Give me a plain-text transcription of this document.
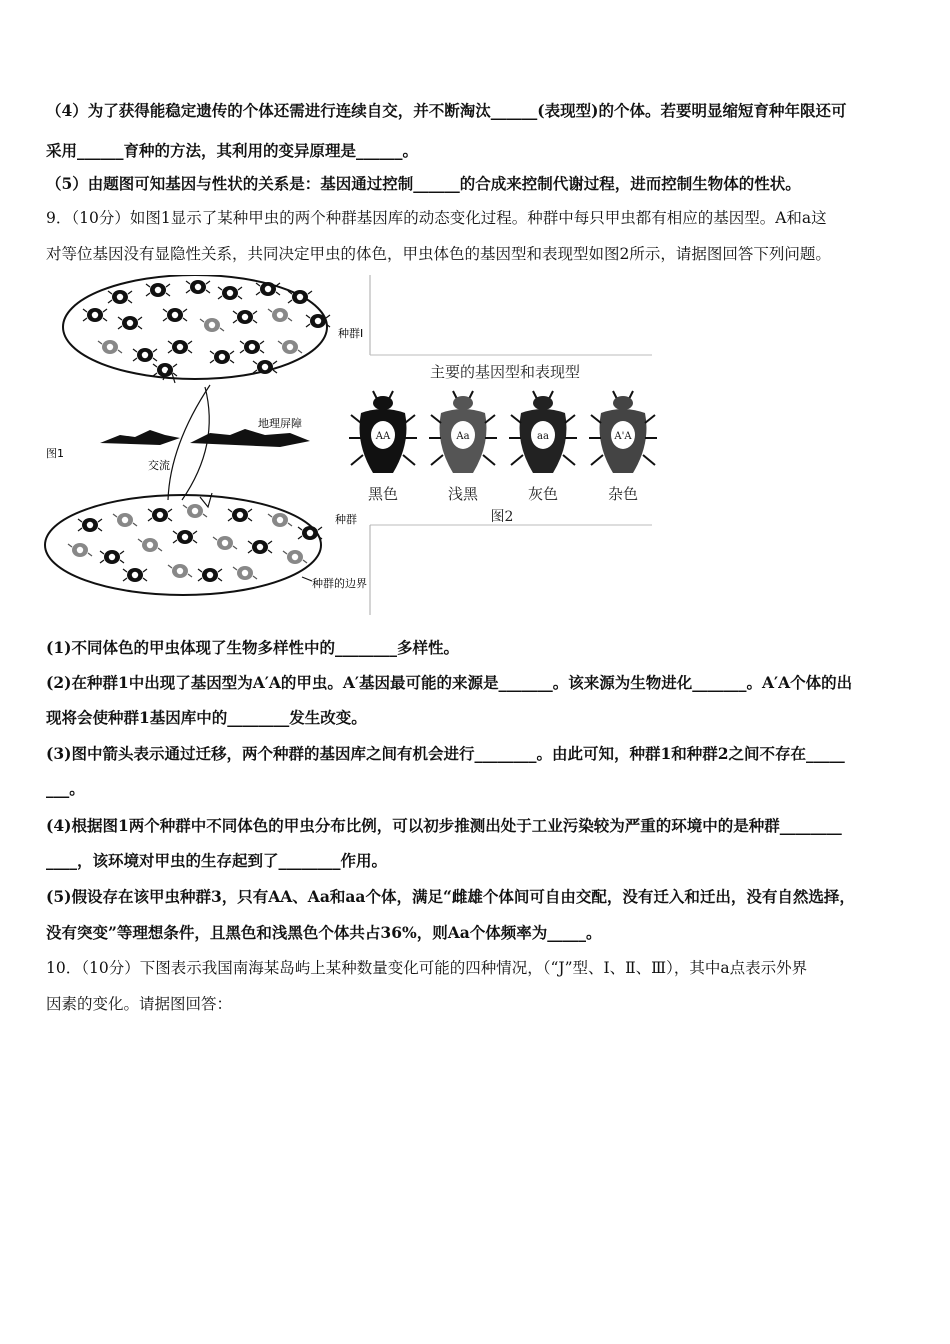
（4）为了获得能稳定遗传的个体还需进行连续自交，并不断淘汰______(表现型)的个体。若要明显缩短育种年限还可
采用______育种的方法，其利用的变异原理是______。
（5）由题图可知基因与性状的关系是：基因通过控制______的合成来控制代谢过程，进而控制生物体的性状。
9．（10分）如图1显示了某种甲虫的两个种群基因库的动态变化过程。种群中每只甲虫都有相应的基因型。A和a这
对等位基因没有显隐性关系，共同决定甲虫的体色，甲虫体色的基因型和表现型如图2所示，请据图回答下列问题。
种群Ⅰ
地理屏障
交流
图1
种群
种群的边界
主要的基因型和表现型
AA
黑色
Aa
浅黑
aa
灰色
A'A
杂色
图2
(1)不同体色的甲虫体现了生物多样性中的________多样性。
(2)在种群1中出现了基因型为A′A的甲虫。A′基因最可能的来源是_______。该来源为生物进化_______。A′A个体的出
现将会使种群1基因库中的________发生改变。
(3)图中箭头表示通过迁移，两个种群的基因库之间有机会进行________。由此可知，种群1和种群2之间不存在_____
___。
(4)根据图1两个种群中不同体色的甲虫分布比例，可以初步推测出处于工业污染较为严重的环境中的是种群________
____，该环境对甲虫的生存起到了________作用。
(5)假设存在该甲虫种群3，只有AA、Aa和aa个体，满足“雌雄个体间可自由交配，没有迁入和迁出，没有自然选择，
没有突变”等理想条件，且黑色和浅黑色个体共占36%，则Aa个体频率为_____。
10．（10分）下图表示我国南海某岛屿上某种数量变化可能的四种情况，（“J”型、Ⅰ、Ⅱ、Ⅲ），其中a点表示外界
因素的变化。请据图回答：
